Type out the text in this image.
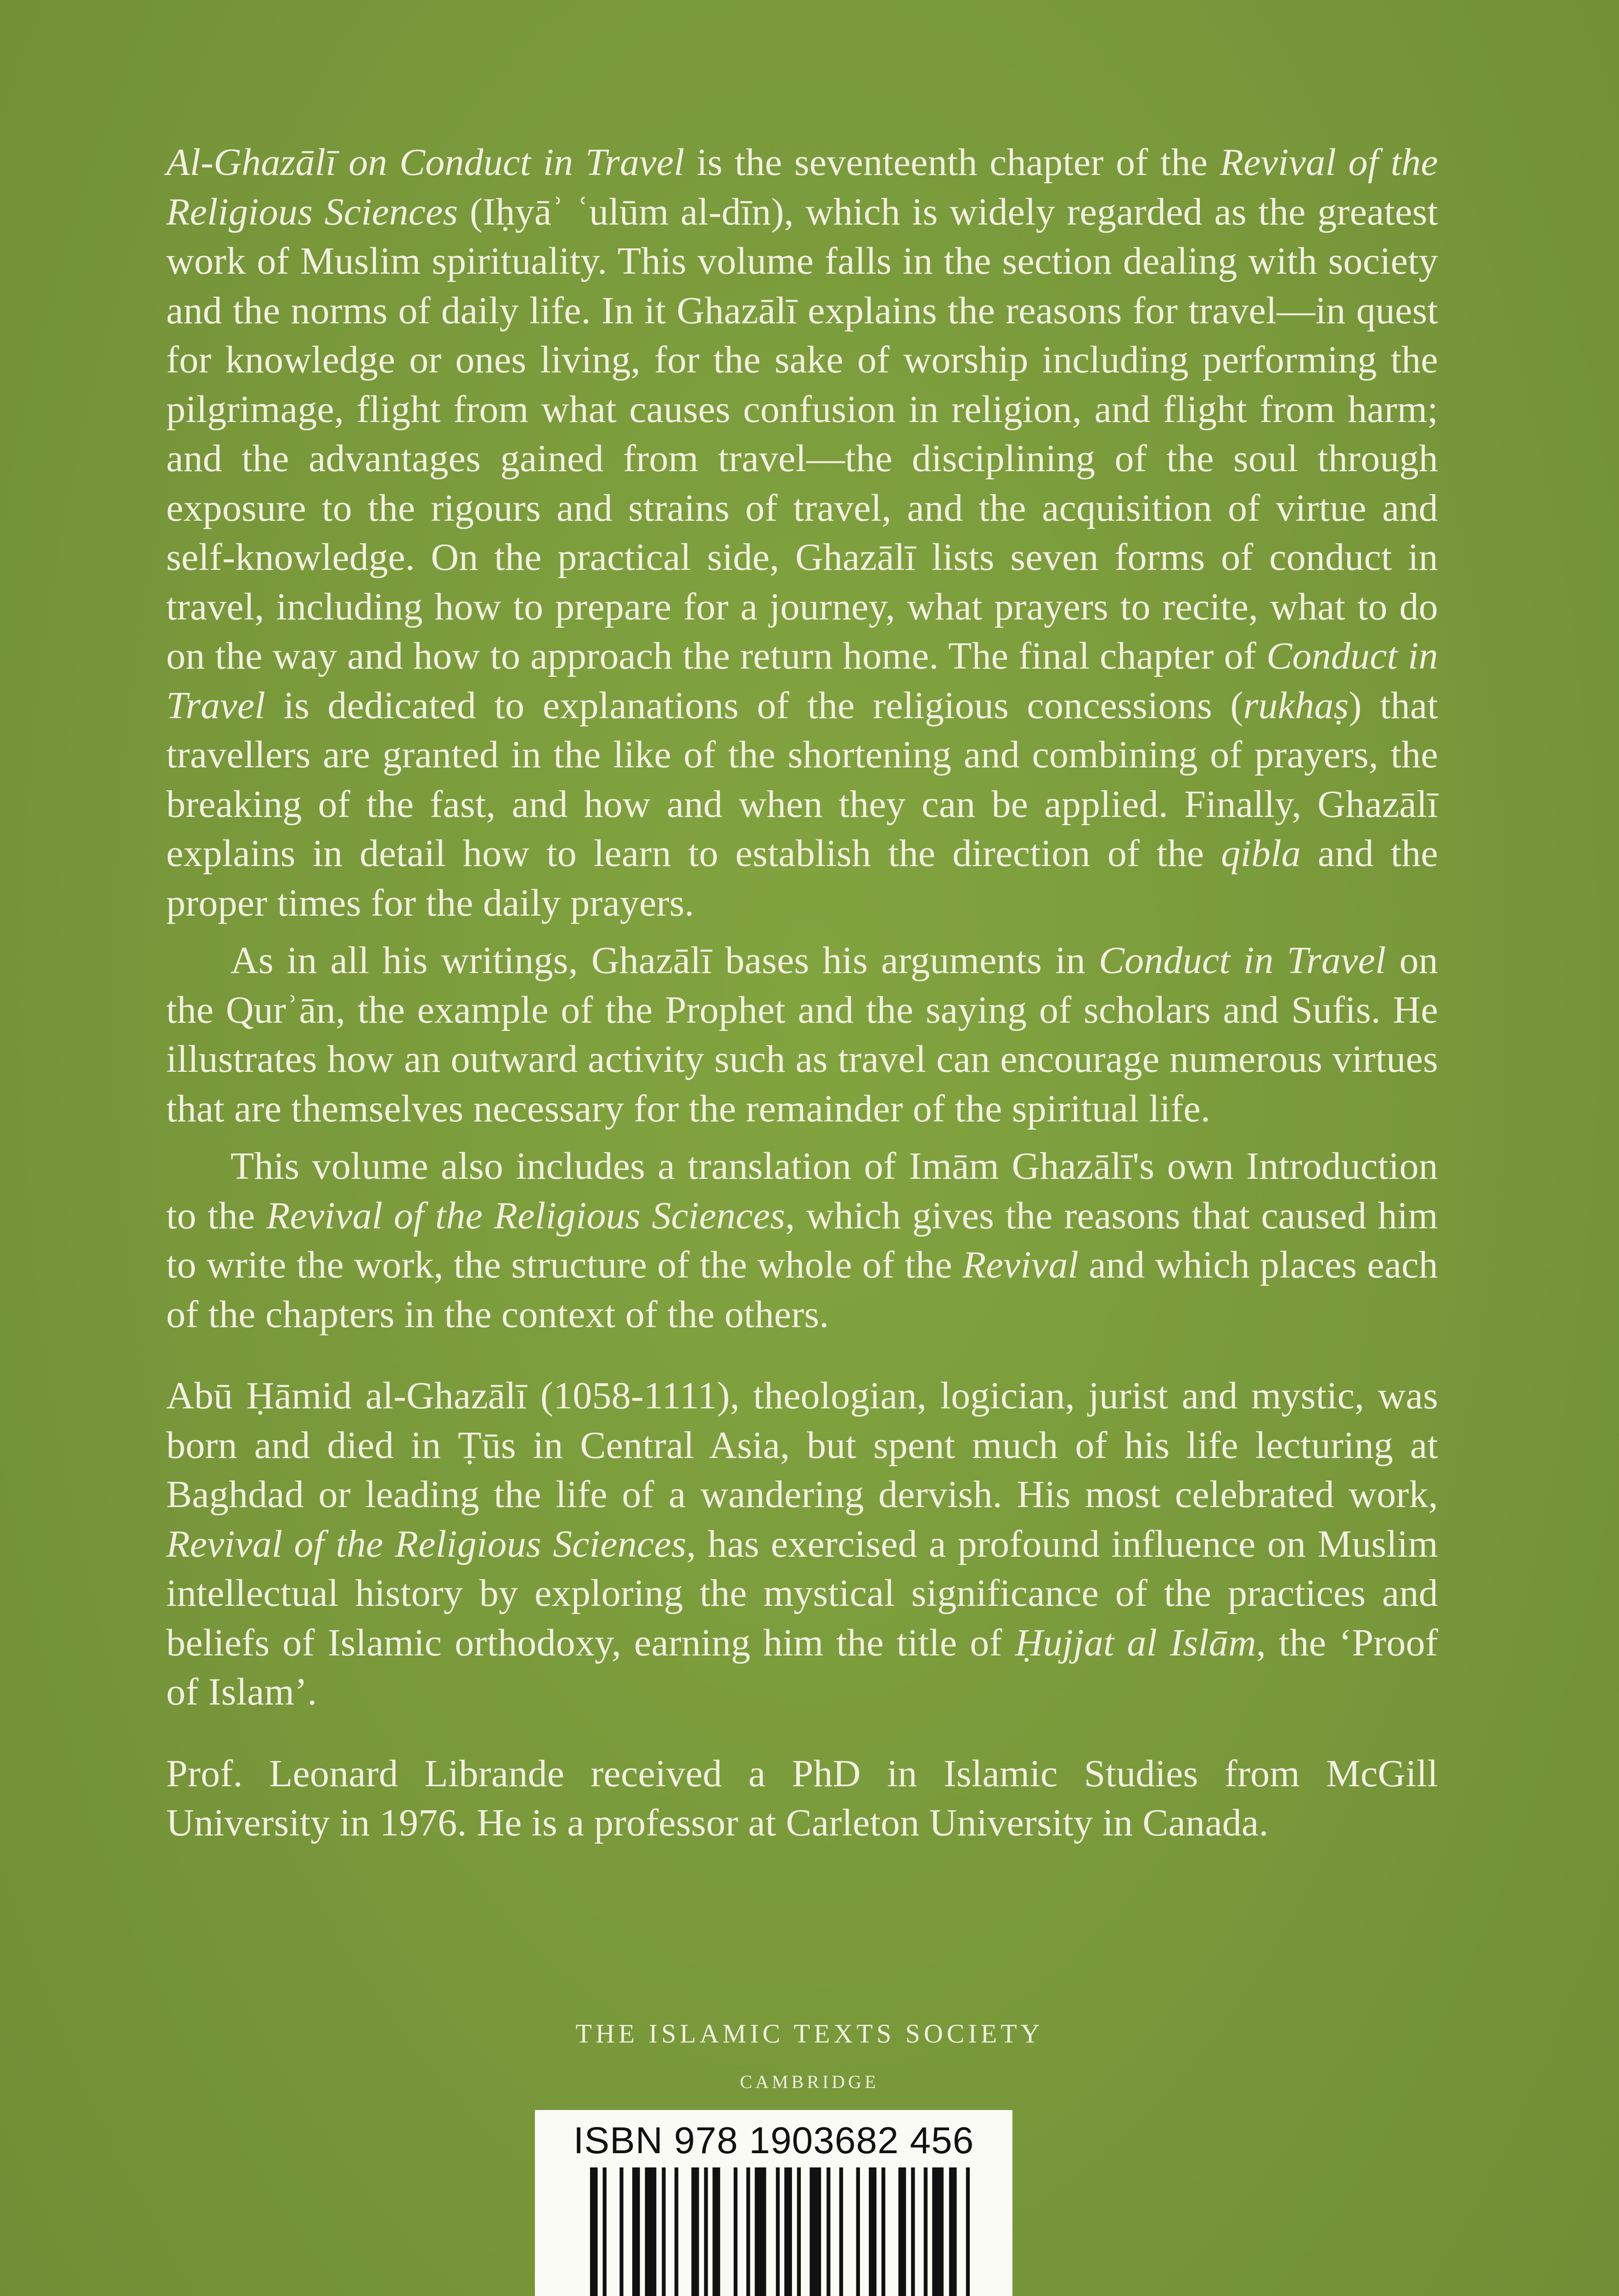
Al-Ghazālī on Conduct in Travel is the seventeenth chapter of the Revival of the Religious Sciences (Iḥyāʾ ʿulūm al-dīn), which is widely regarded as the greatest work of Muslim spirituality. This volume falls in the section dealing with society and the norms of daily life. In it Ghazālī explains the reasons for travel—in quest for knowledge or ones living, for the sake of worship including performing the pilgrimage, flight from what causes confusion in religion, and flight from harm; and the advantages gained from travel—the disciplining of the soul through exposure to the rigours and strains of travel, and the acquisition of virtue and self-knowledge. On the practical side, Ghazālī lists seven forms of conduct in travel, including how to prepare for a journey, what prayers to recite, what to do on the way and how to approach the return home. The final chapter of Conduct in Travel is dedicated to explanations of the religious concessions (rukhaṣ) that travellers are granted in the like of the shortening and combining of prayers, the breaking of the fast, and how and when they can be applied. Finally, Ghazālī explains in detail how to learn to establish the direction of the qibla and the proper times for the daily prayers.

As in all his writings, Ghazālī bases his arguments in Conduct in Travel on the Qurʾān, the example of the Prophet and the saying of scholars and Sufis. He illustrates how an outward activity such as travel can encourage numerous virtues that are themselves necessary for the remainder of the spiritual life.

This volume also includes a translation of Imām Ghazālī's own Introduction to the Revival of the Religious Sciences, which gives the reasons that caused him to write the work, the structure of the whole of the Revival and which places each of the chapters in the context of the others.

Abū Ḥāmid al-Ghazālī (1058-1111), theologian, logician, jurist and mystic, was born and died in Ṭūs in Central Asia, but spent much of his life lecturing at Baghdad or leading the life of a wandering dervish. His most celebrated work, Revival of the Religious Sciences, has exercised a profound influence on Muslim intellectual history by exploring the mystical significance of the practices and beliefs of Islamic orthodoxy, earning him the title of Ḥujjat al Islām, the ‘Proof of Islam’.

Prof. Leonard Librande received a PhD in Islamic Studies from McGill University in 1976. He is a professor at Carleton University in Canada.

THE ISLAMIC TEXTS SOCIETY
CAMBRIDGE
ISBN 978 1903682 456
